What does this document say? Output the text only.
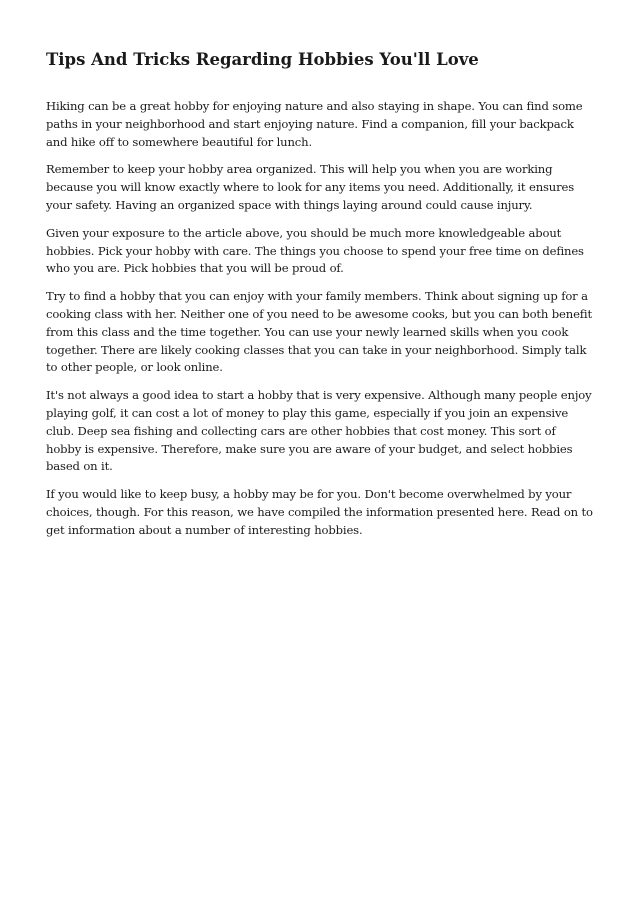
Tips And Tricks Regarding Hobbies You'll Love

Hiking can be a great hobby for enjoying nature and also staying in shape. You can find some paths in your neighborhood and start enjoying nature. Find a companion, fill your backpack and hike off to somewhere beautiful for lunch.

Remember to keep your hobby area organized. This will help you when you are working because you will know exactly where to look for any items you need. Additionally, it ensures your safety. Having an organized space with things laying around could cause injury.

Given your exposure to the article above, you should be much more knowledgeable about hobbies. Pick your hobby with care. The things you choose to spend your free time on defines who you are. Pick hobbies that you will be proud of.

Try to find a hobby that you can enjoy with your family members. Think about signing up for a cooking class with her. Neither one of you need to be awesome cooks, but you can both benefit from this class and the time together. You can use your newly learned skills when you cook together. There are likely cooking classes that you can take in your neighborhood. Simply talk to other people, or look online.

It's not always a good idea to start a hobby that is very expensive. Although many people enjoy playing golf, it can cost a lot of money to play this game, especially if you join an expensive club. Deep sea fishing and collecting cars are other hobbies that cost money. This sort of hobby is expensive. Therefore, make sure you are aware of your budget, and select hobbies based on it.

If you would like to keep busy, a hobby may be for you. Don't become overwhelmed by your choices, though. For this reason, we have compiled the information presented here. Read on to get information about a number of interesting hobbies.
